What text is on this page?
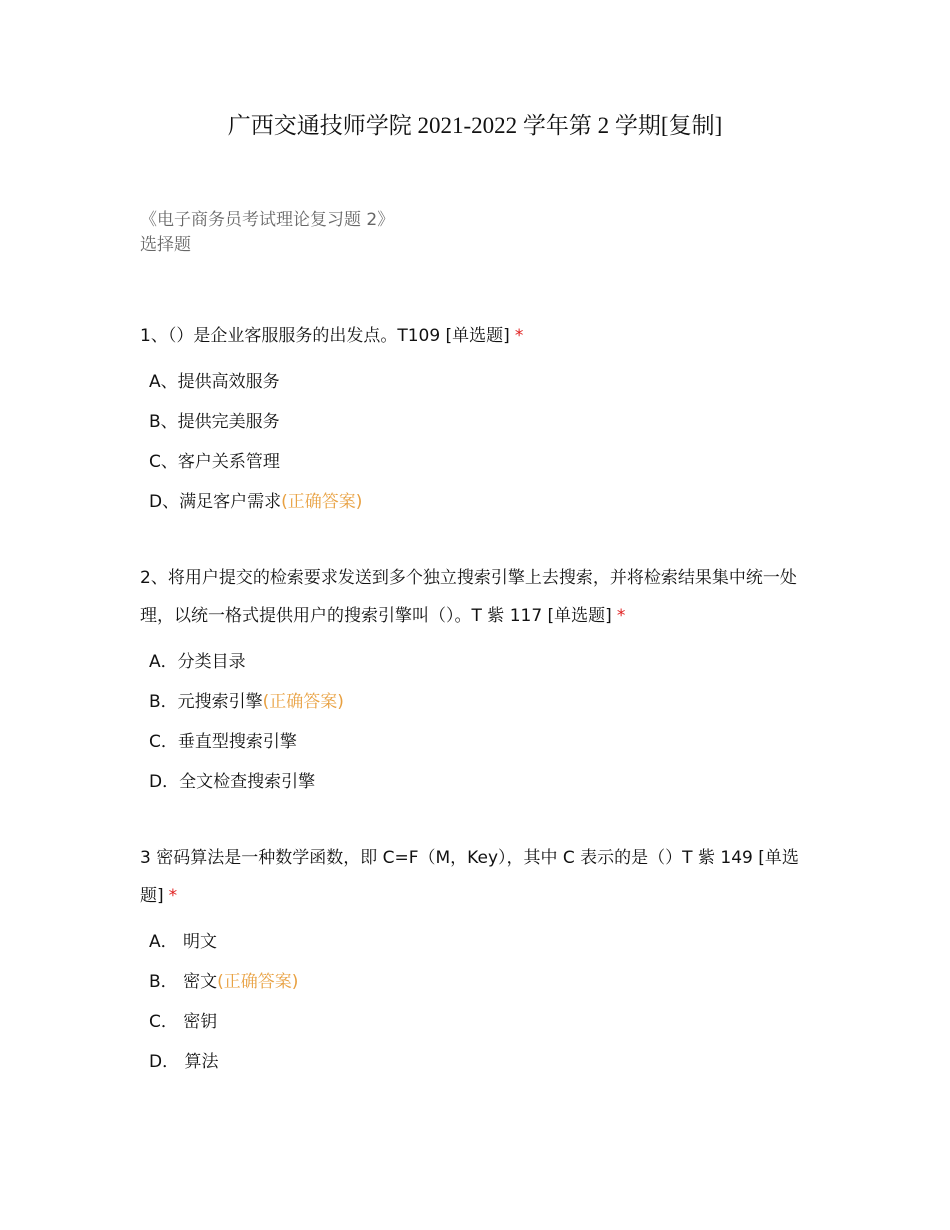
广西交通技师学院 2021-2022 学年第 2 学期[复制]
《电子商务员考试理论复习题 2》
选择题
1、（）是企业客服服务的出发点。T109 [单选题] *
A、提供高效服务
B、提供完美服务
C、客户关系管理
D、满足客户需求(正确答案)
2、将用户提交的检索要求发送到多个独立搜索引擎上去搜索，并将检索结果集中统一处理，以统一格式提供用户的搜索引擎叫（）。T 紫 117 [单选题] *
A．分类目录
B．元搜索引擎(正确答案)
C．垂直型搜索引擎
D．全文检查搜索引擎
3 密码算法是一种数学函数，即 C=F（M，Key），其中 C 表示的是（）T 紫 149 [单选题] *
A． 明文
B． 密文(正确答案)
C． 密钥
D． 算法
